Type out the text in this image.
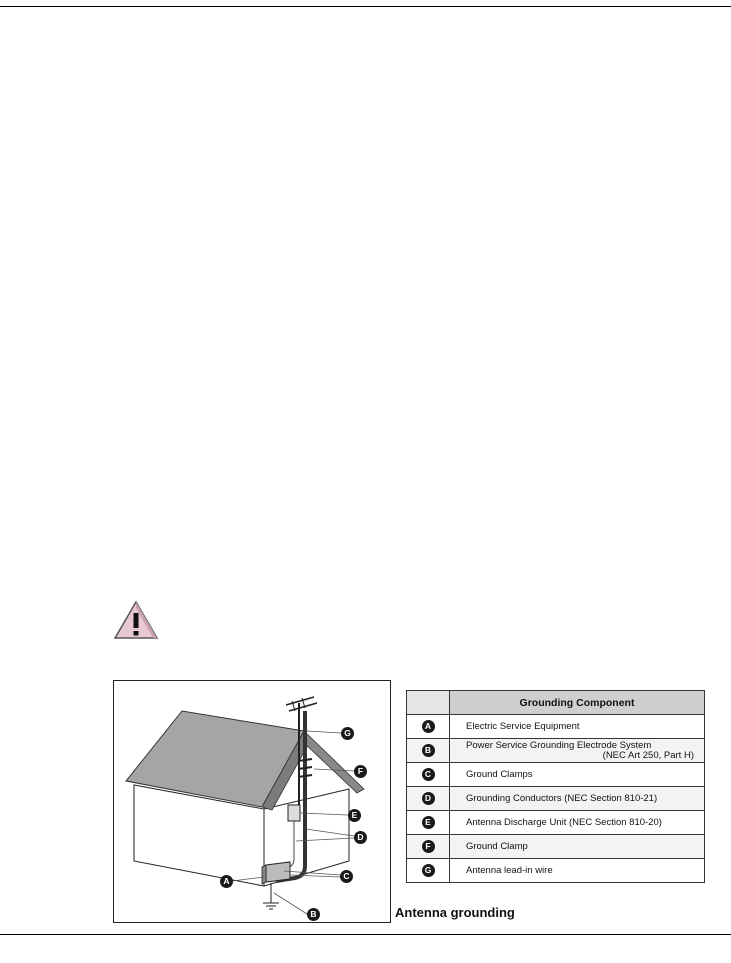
G
F
E
D
C
A
B	Antenna grounding
	Grounding Component
A	Electric Service Equipment
B	Power Service Grounding Electrode System
(NEC Art 250, Part H)

C	Ground Clamps
D	Grounding Conductors (NEC Section 810-21)
E	Antenna Discharge Unit (NEC Section 810-20)
F	Ground Clamp
G	Antenna lead-in wire
